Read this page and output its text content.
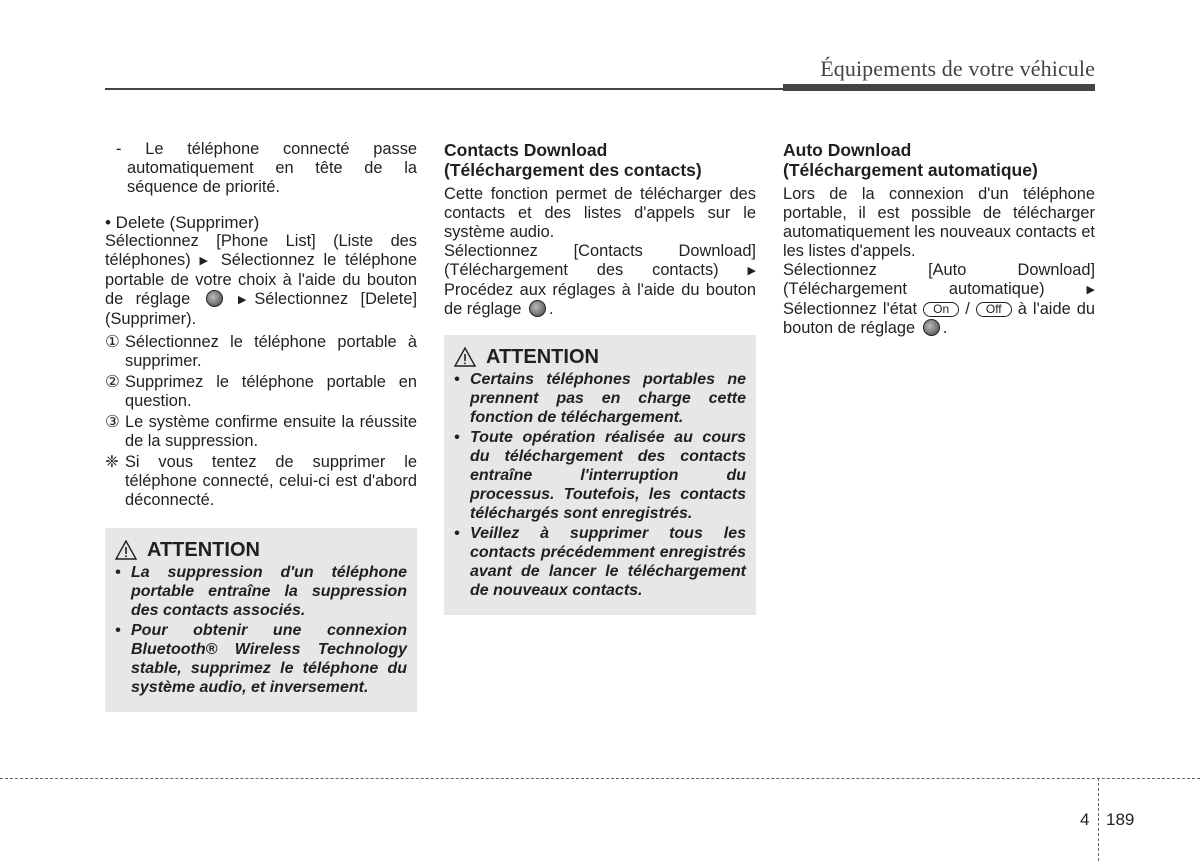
Équipements de votre véhicule

- Le téléphone connecté passe automatiquement en tête de la séquence de priorité.

• Delete (Supprimer)

Sélectionnez [Phone List] (Liste des téléphones) ▶ Sélectionnez le téléphone portable de votre choix à l'aide du bouton de réglage	▶Sélectionnez [Delete] (Supprimer).

① Sélectionnez le téléphone portable à supprimer.
② Supprimez le téléphone portable en question.
③ Le système confirme ensuite la réussite de la suppression.
❈ Si vous tentez de supprimer le téléphone connecté, celui-ci est d'abord déconnecté.
ATTENTION
• La suppression d'un téléphone portable entraîne la suppression des contacts associés.
• Pour obtenir une connexion Bluetooth® Wireless Technology stable, supprimez le téléphone du système audio, et inversement.
Contacts Download
(Téléchargement des contacts)

Cette fonction permet de télécharger des contacts et des listes d'appels sur le système audio.

Sélectionnez [Contacts Download] (Téléchargement des contacts)	▶ Procédez aux réglages à l'aide du bouton de réglage .

ATTENTION
• Certains téléphones portables ne prennent pas en charge cette fonction de téléchargement.
• Toute opération réalisée au cours du téléchargement des contacts entraîne l'interruption du processus. Toutefois, les contacts téléchargés sont enregistrés.
• Veillez à supprimer tous les contacts précédemment enregistrés avant de lancer le téléchargement de nouveaux contacts.
Auto Download
(Téléchargement automatique)

Lors de la connexion d'un téléphone portable, il est possible de télécharger automatiquement les nouveaux contacts et les listes d'appels.

Sélectionnez [Auto Download] (Téléchargement automatique)	▶ Sélectionnez l'état On / Off à l'aide du bouton de réglage .

4 189
